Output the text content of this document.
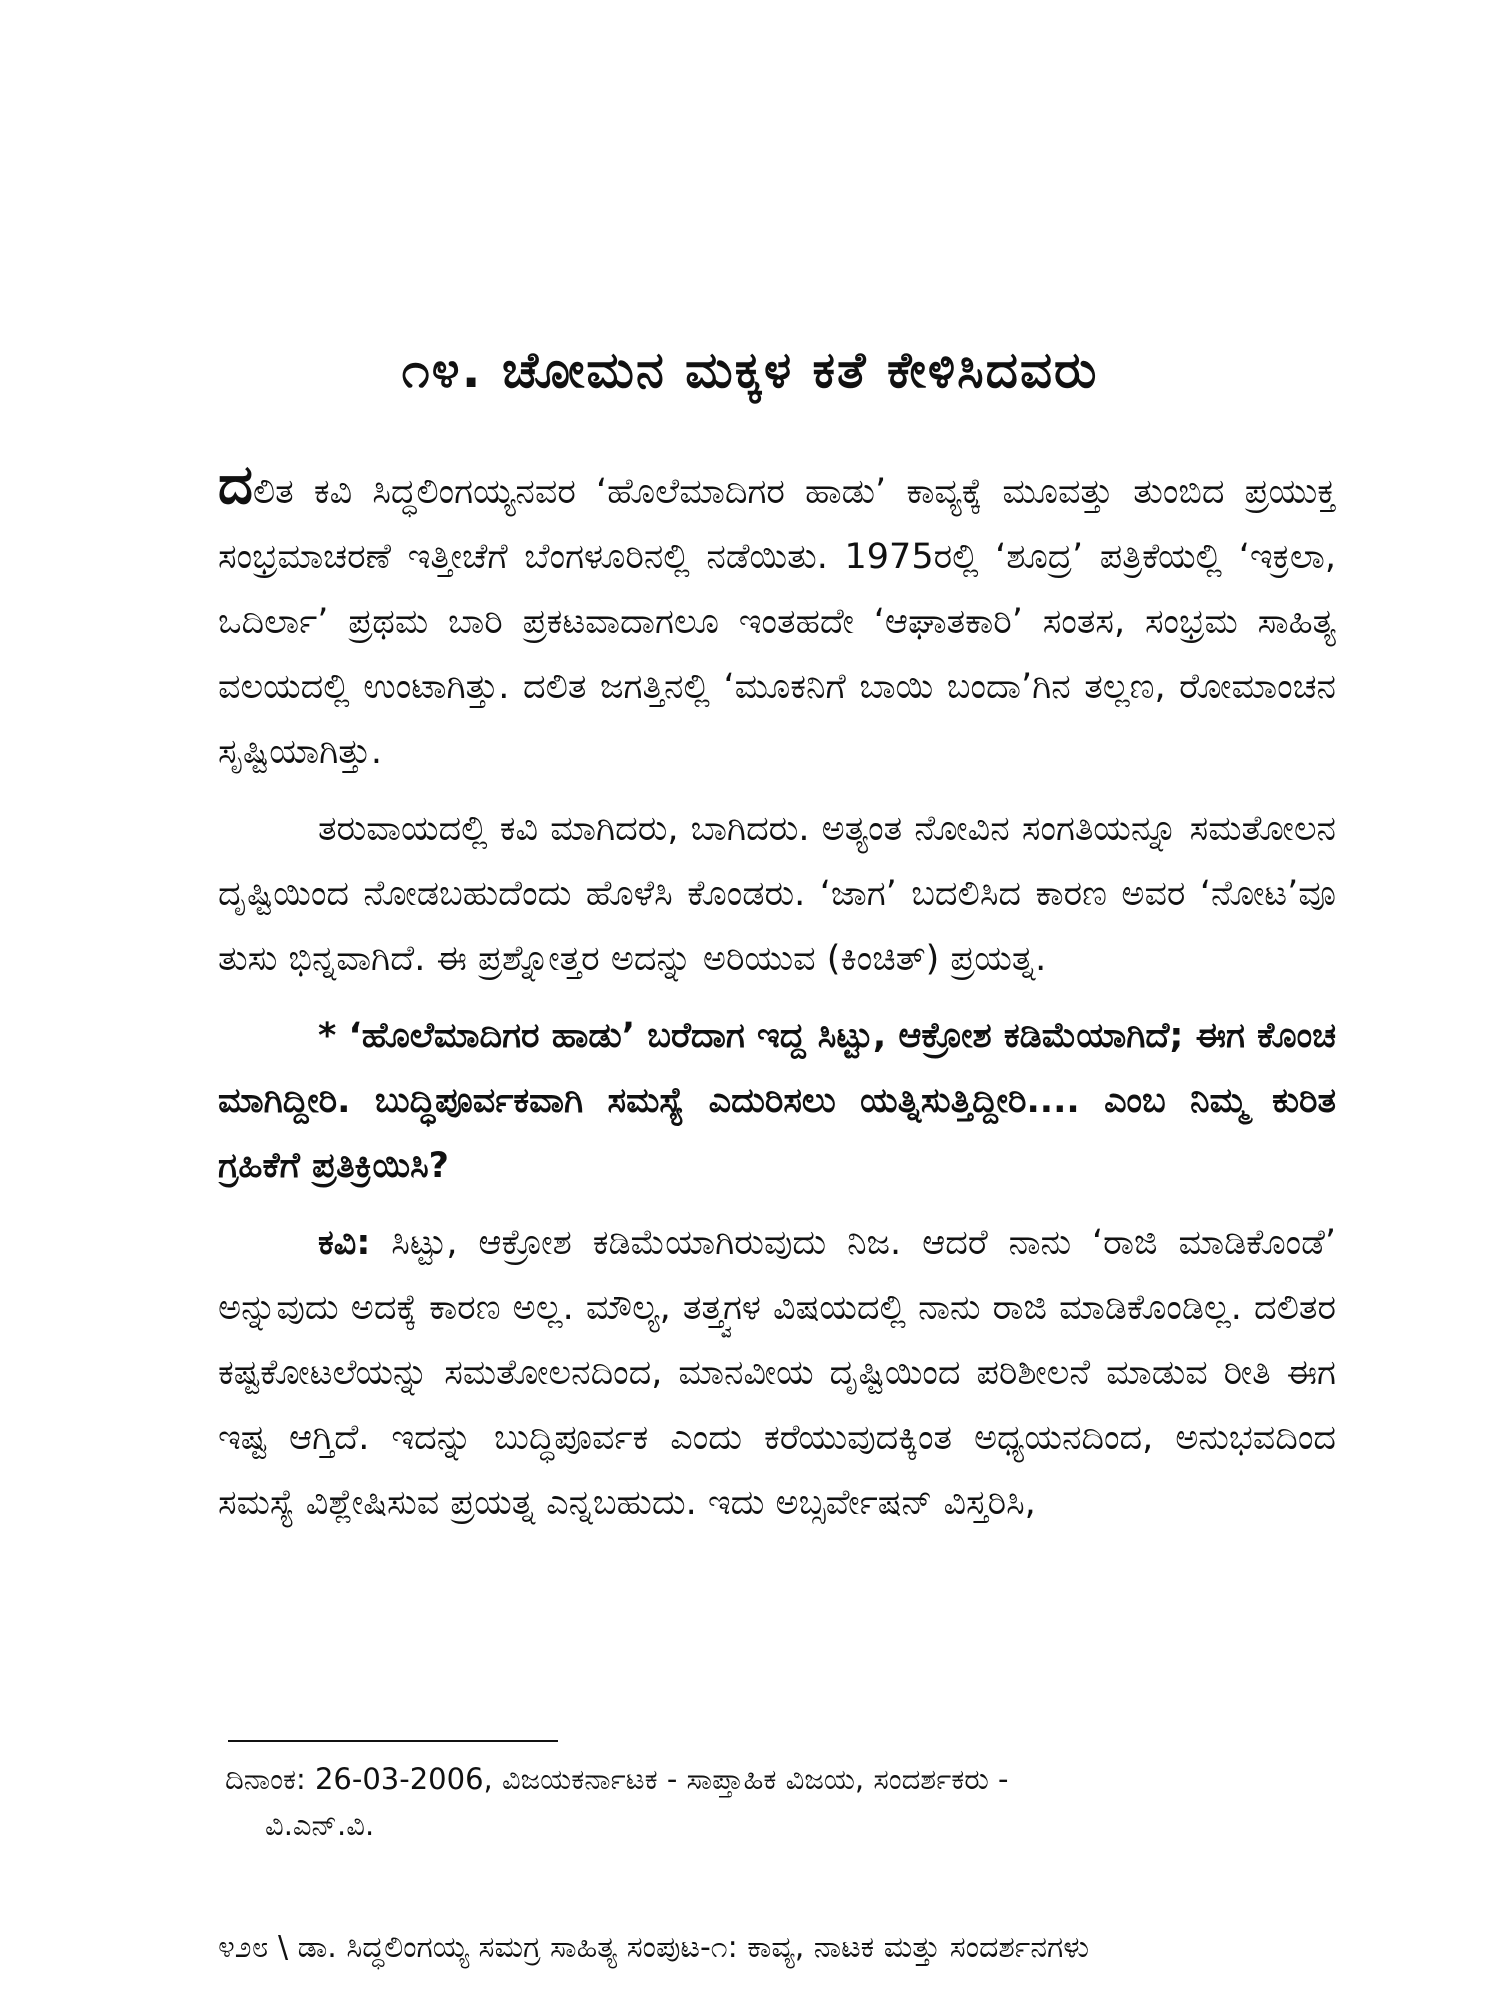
೧೪. ಚೋಮನ ಮಕ್ಕಳ ಕತೆ ಕೇಳಿಸಿದವರು

ದಲಿತ ಕವಿ ಸಿದ್ಧಲಿಂಗಯ್ಯನವರ ‘ಹೊಲೆಮಾದಿಗರ ಹಾಡು’ ಕಾವ್ಯಕ್ಕೆ ಮೂವತ್ತು ತುಂಬಿದ ಪ್ರಯುಕ್ತ ಸಂಭ್ರಮಾಚರಣೆ ಇತ್ತೀಚೆಗೆ ಬೆಂಗಳೂರಿನಲ್ಲಿ ನಡೆಯಿತು. 1975ರಲ್ಲಿ ‘ಶೂದ್ರ’ ಪತ್ರಿಕೆಯಲ್ಲಿ ‘ಇಕ್ರಲಾ, ಒದಿರ್ಲಾ’ ಪ್ರಥಮ ಬಾರಿ ಪ್ರಕಟವಾದಾಗಲೂ ಇಂತಹದೇ ‘ಆಘಾತಕಾರಿ’ ಸಂತಸ, ಸಂಭ್ರಮ ಸಾಹಿತ್ಯ ವಲಯದಲ್ಲಿ ಉಂಟಾಗಿತ್ತು. ದಲಿತ ಜಗತ್ತಿನಲ್ಲಿ ‘ಮೂಕನಿಗೆ ಬಾಯಿ ಬಂದಾ’ಗಿನ ತಲ್ಲಣ, ರೋಮಾಂಚನ ಸೃಷ್ಟಿಯಾಗಿತ್ತು.

ತರುವಾಯದಲ್ಲಿ ಕವಿ ಮಾಗಿದರು, ಬಾಗಿದರು. ಅತ್ಯಂತ ನೋವಿನ ಸಂಗತಿಯನ್ನೂ ಸಮತೋಲನ ದೃಷ್ಟಿಯಿಂದ ನೋಡಬಹುದೆಂದು ಹೊಳೆಸಿ ಕೊಂಡರು. ‘ಜಾಗ’ ಬದಲಿಸಿದ ಕಾರಣ ಅವರ ‘ನೋಟ’ವೂ ತುಸು ಭಿನ್ನವಾಗಿದೆ. ಈ ಪ್ರಶ್ನೋತ್ತರ ಅದನ್ನು ಅರಿಯುವ (ಕಿಂಚಿತ್) ಪ್ರಯತ್ನ.

* ‘ಹೊಲೆಮಾದಿಗರ ಹಾಡು’ ಬರೆದಾಗ ಇದ್ದ ಸಿಟ್ಟು, ಆಕ್ರೋಶ ಕಡಿಮೆಯಾಗಿದೆ; ಈಗ ಕೊಂಚ ಮಾಗಿದ್ದೀರಿ. ಬುದ್ಧಿಪೂರ್ವಕವಾಗಿ ಸಮಸ್ಯೆ ಎದುರಿಸಲು ಯತ್ನಿಸುತ್ತಿದ್ದೀರಿ.... ಎಂಬ ನಿಮ್ಮ ಕುರಿತ ಗ್ರಹಿಕೆಗೆ ಪ್ರತಿಕ್ರಿಯಿಸಿ?

ಕವಿ: ಸಿಟ್ಟು, ಆಕ್ರೋಶ ಕಡಿಮೆಯಾಗಿರುವುದು ನಿಜ. ಆದರೆ ನಾನು ‘ರಾಜಿ ಮಾಡಿಕೊಂಡೆ’ ಅನ್ನುವುದು ಅದಕ್ಕೆ ಕಾರಣ ಅಲ್ಲ. ಮೌಲ್ಯ, ತತ್ತ್ವಗಳ ವಿಷಯದಲ್ಲಿ ನಾನು ರಾಜಿ ಮಾಡಿಕೊಂಡಿಲ್ಲ. ದಲಿತರ ಕಷ್ಟಕೋಟಲೆಯನ್ನು ಸಮತೋಲನದಿಂದ, ಮಾನವೀಯ ದೃಷ್ಟಿಯಿಂದ ಪರಿಶೀಲನೆ ಮಾಡುವ ರೀತಿ ಈಗ ಇಷ್ಟ ಆಗ್ತಿದೆ. ಇದನ್ನು ಬುದ್ಧಿಪೂರ್ವಕ ಎಂದು ಕರೆಯುವುದಕ್ಕಿಂತ ಅಧ್ಯಯನದಿಂದ, ಅನುಭವದಿಂದ ಸಮಸ್ಯೆ ವಿಶ್ಲೇಷಿಸುವ ಪ್ರಯತ್ನ ಎನ್ನಬಹುದು. ಇದು ಅಬ್ಸರ್ವೇಷನ್ ವಿಸ್ತರಿಸಿ,

ದಿನಾಂಕ: 26-03-2006, ವಿಜಯಕರ್ನಾಟಕ - ಸಾಪ್ತಾಹಿಕ ವಿಜಯ, ಸಂದರ್ಶಕರು -
ವಿ.ಎನ್.ವಿ.

೪೨೮ \ ಡಾ. ಸಿದ್ಧಲಿಂಗಯ್ಯ ಸಮಗ್ರ ಸಾಹಿತ್ಯ ಸಂಪುಟ-೧: ಕಾವ್ಯ, ನಾಟಕ ಮತ್ತು ಸಂದರ್ಶನಗಳು
